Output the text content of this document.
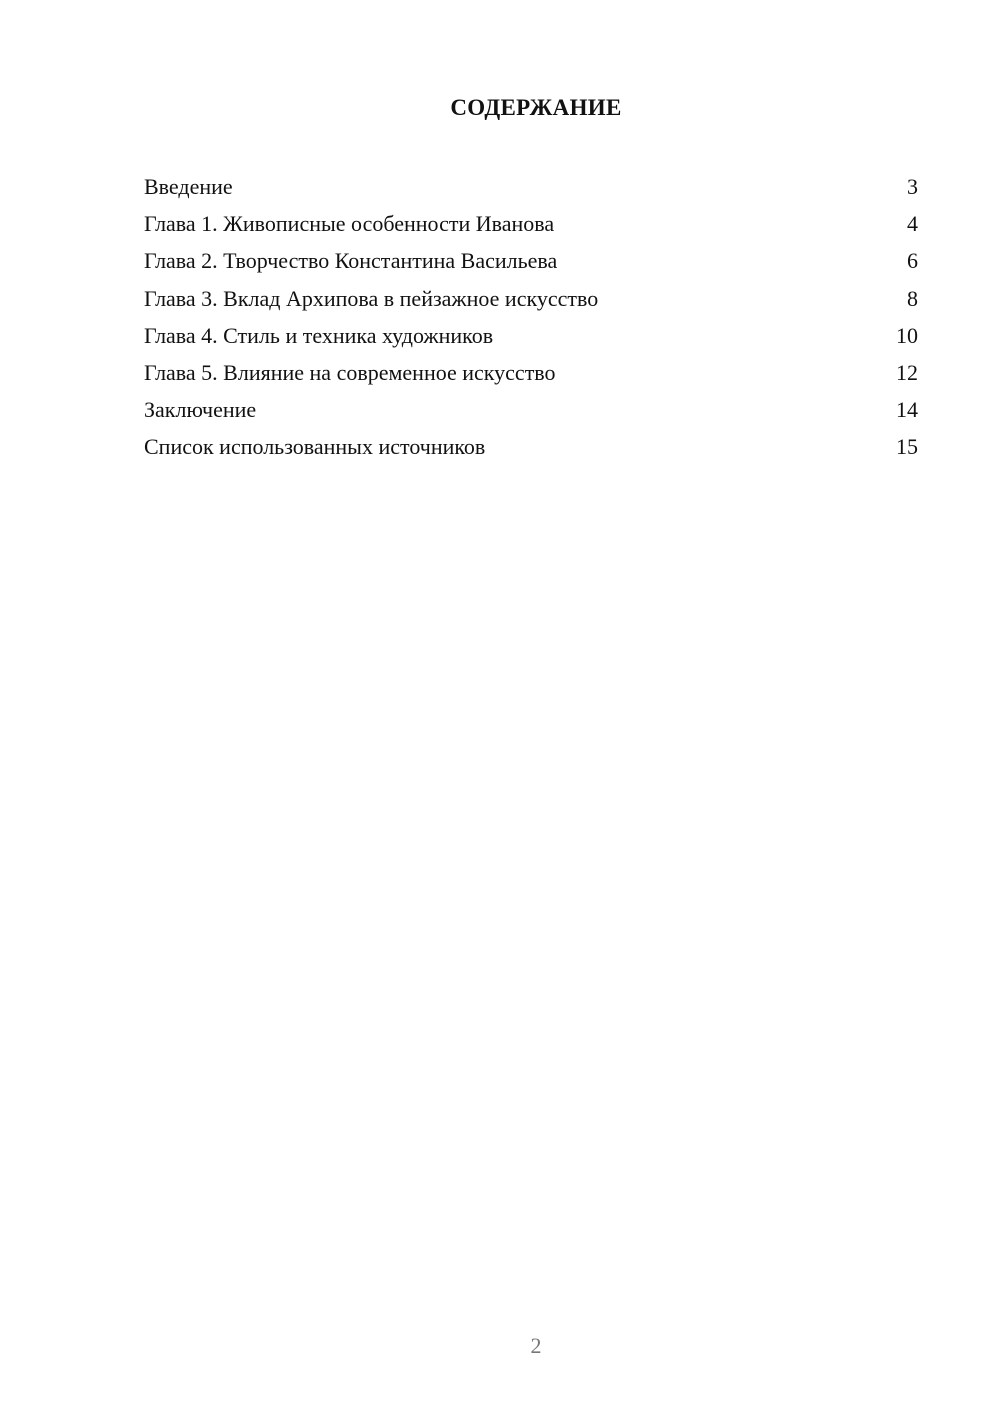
СОДЕРЖАНИЕ
Введение	3
Глава 1. Живописные особенности Иванова	4
Глава 2. Творчество Константина Васильева	6
Глава 3. Вклад Архипова в пейзажное искусство	8
Глава 4. Стиль и техника художников	10
Глава 5. Влияние на современное искусство	12
Заключение	14
Список использованных источников	15
2
